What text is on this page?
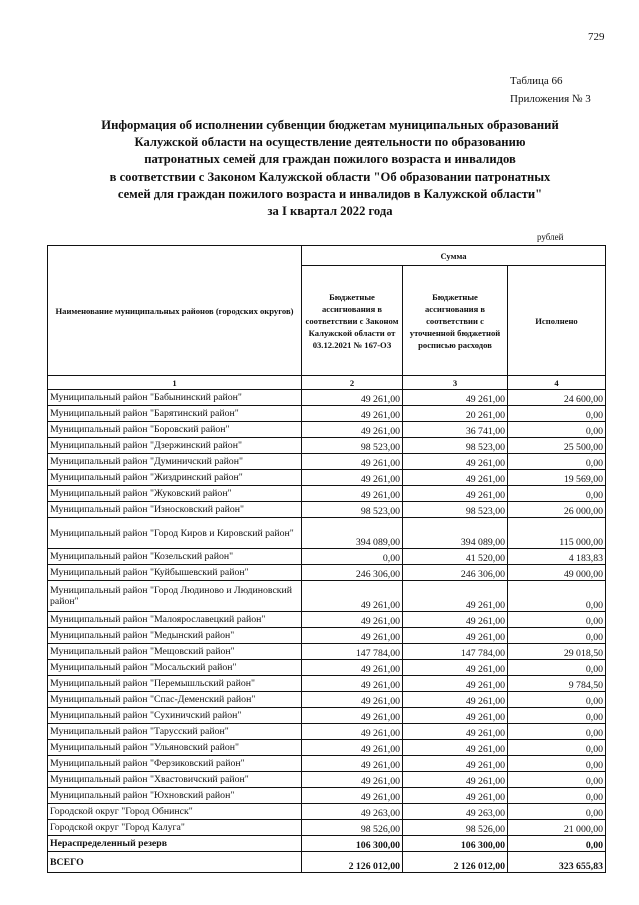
729
Таблица 66
Приложения № 3
Информация об исполнении субвенции бюджетам муниципальных образований
Калужской области на осуществление деятельности по образованию
патронатных семей для граждан пожилого возраста и инвалидов
в соответствии с Законом Калужской области "Об образовании патронатных
семей для граждан пожилого возраста и инвалидов в Калужской области"
за I квартал 2022 года
рублей
Наименование муниципальных районов (городских округов)	Сумма		
	Бюджетные ассигнования в соответствии с Законом Калужской области от 03.12.2021 № 167-ОЗ	Бюджетные ассигнования в соответствии с уточненной бюджетной росписью расходов	Исполнено
1	2	3	4
Муниципальный район "Бабынинский район"	49 261,00	49 261,00	24 600,00
Муниципальный район "Барятинский район"	49 261,00	20 261,00	0,00
Муниципальный район "Боровский район"	49 261,00	36 741,00	0,00
Муниципальный район "Дзержинский район"	98 523,00	98 523,00	25 500,00
Муниципальный район "Думиничский район"	49 261,00	49 261,00	0,00
Муниципальный район "Жиздринский район"	49 261,00	49 261,00	19 569,00
Муниципальный район "Жуковский район"	49 261,00	49 261,00	0,00
Муниципальный район "Износковский район"	98 523,00	98 523,00	26 000,00
Муниципальный район "Город Киров и Кировский район"	394 089,00	394 089,00	115 000,00
Муниципальный район "Козельский район"	0,00	41 520,00	4 183,83
Муниципальный район "Куйбышевский район"	246 306,00	246 306,00	49 000,00
Муниципальный район "Город Людиново и Людиновский район"	49 261,00	49 261,00	0,00
Муниципальный район "Малоярославецкий район"	49 261,00	49 261,00	0,00
Муниципальный район "Медынский район"	49 261,00	49 261,00	0,00
Муниципальный район "Мещовский район"	147 784,00	147 784,00	29 018,50
Муниципальный район "Мосальский район"	49 261,00	49 261,00	0,00
Муниципальный район "Перемышльский район"	49 261,00	49 261,00	9 784,50
Муниципальный район "Спас-Деменский район"	49 261,00	49 261,00	0,00
Муниципальный район "Сухиничский район"	49 261,00	49 261,00	0,00
Муниципальный район "Тарусский район"	49 261,00	49 261,00	0,00
Муниципальный район "Ульяновский район"	49 261,00	49 261,00	0,00
Муниципальный район "Ферзиковский район"	49 261,00	49 261,00	0,00
Муниципальный район "Хвастовичский район"	49 261,00	49 261,00	0,00
Муниципальный район "Юхновский район"	49 261,00	49 261,00	0,00
Городской округ "Город Обнинск"	49 263,00	49 263,00	0,00
Городской округ "Город Калуга"	98 526,00	98 526,00	21 000,00
Нераспределенный резерв	106 300,00	106 300,00	0,00
ВСЕГО	2 126 012,00	2 126 012,00	323 655,83
